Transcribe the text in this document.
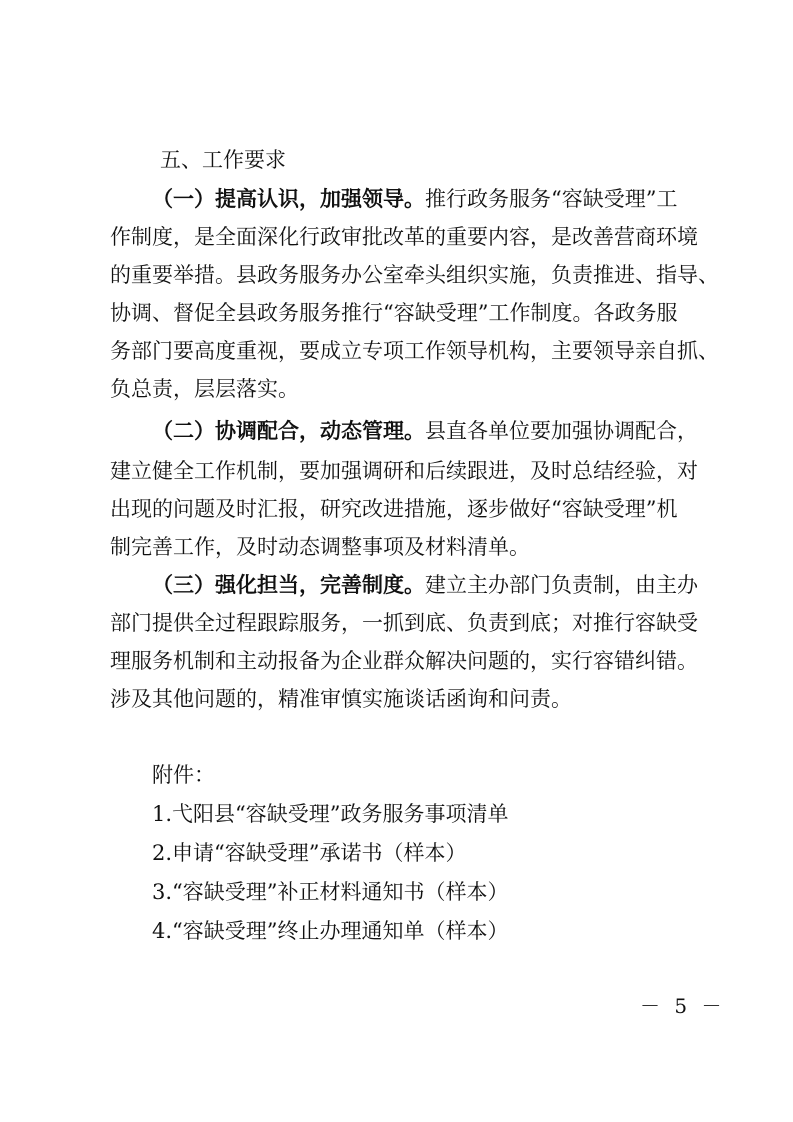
五、工作要求
（一）提高认识，加强领导。推行政务服务“容缺受理”工
作制度，是全面深化行政审批改革的重要内容，是改善营商环境
的重要举措。县政务服务办公室牵头组织实施，负责推进、指导、
协调、督促全县政务服务推行“容缺受理”工作制度。各政务服
务部门要高度重视，要成立专项工作领导机构，主要领导亲自抓、
负总责，层层落实。
（二）协调配合，动态管理。县直各单位要加强协调配合，
建立健全工作机制，要加强调研和后续跟进，及时总结经验，对
出现的问题及时汇报，研究改进措施，逐步做好“容缺受理”机
制完善工作，及时动态调整事项及材料清单。
（三）强化担当，完善制度。建立主办部门负责制，由主办
部门提供全过程跟踪服务，一抓到底、负责到底；对推行容缺受
理服务机制和主动报备为企业群众解决问题的，实行容错纠错。
涉及其他问题的，精准审慎实施谈话函询和问责。
附件：
1.弋阳县“容缺受理”政务服务事项清单
2.申请“容缺受理”承诺书（样本）
3.“容缺受理”补正材料通知书（样本）
4.“容缺受理”终止办理通知单（样本）
－ 5 －
